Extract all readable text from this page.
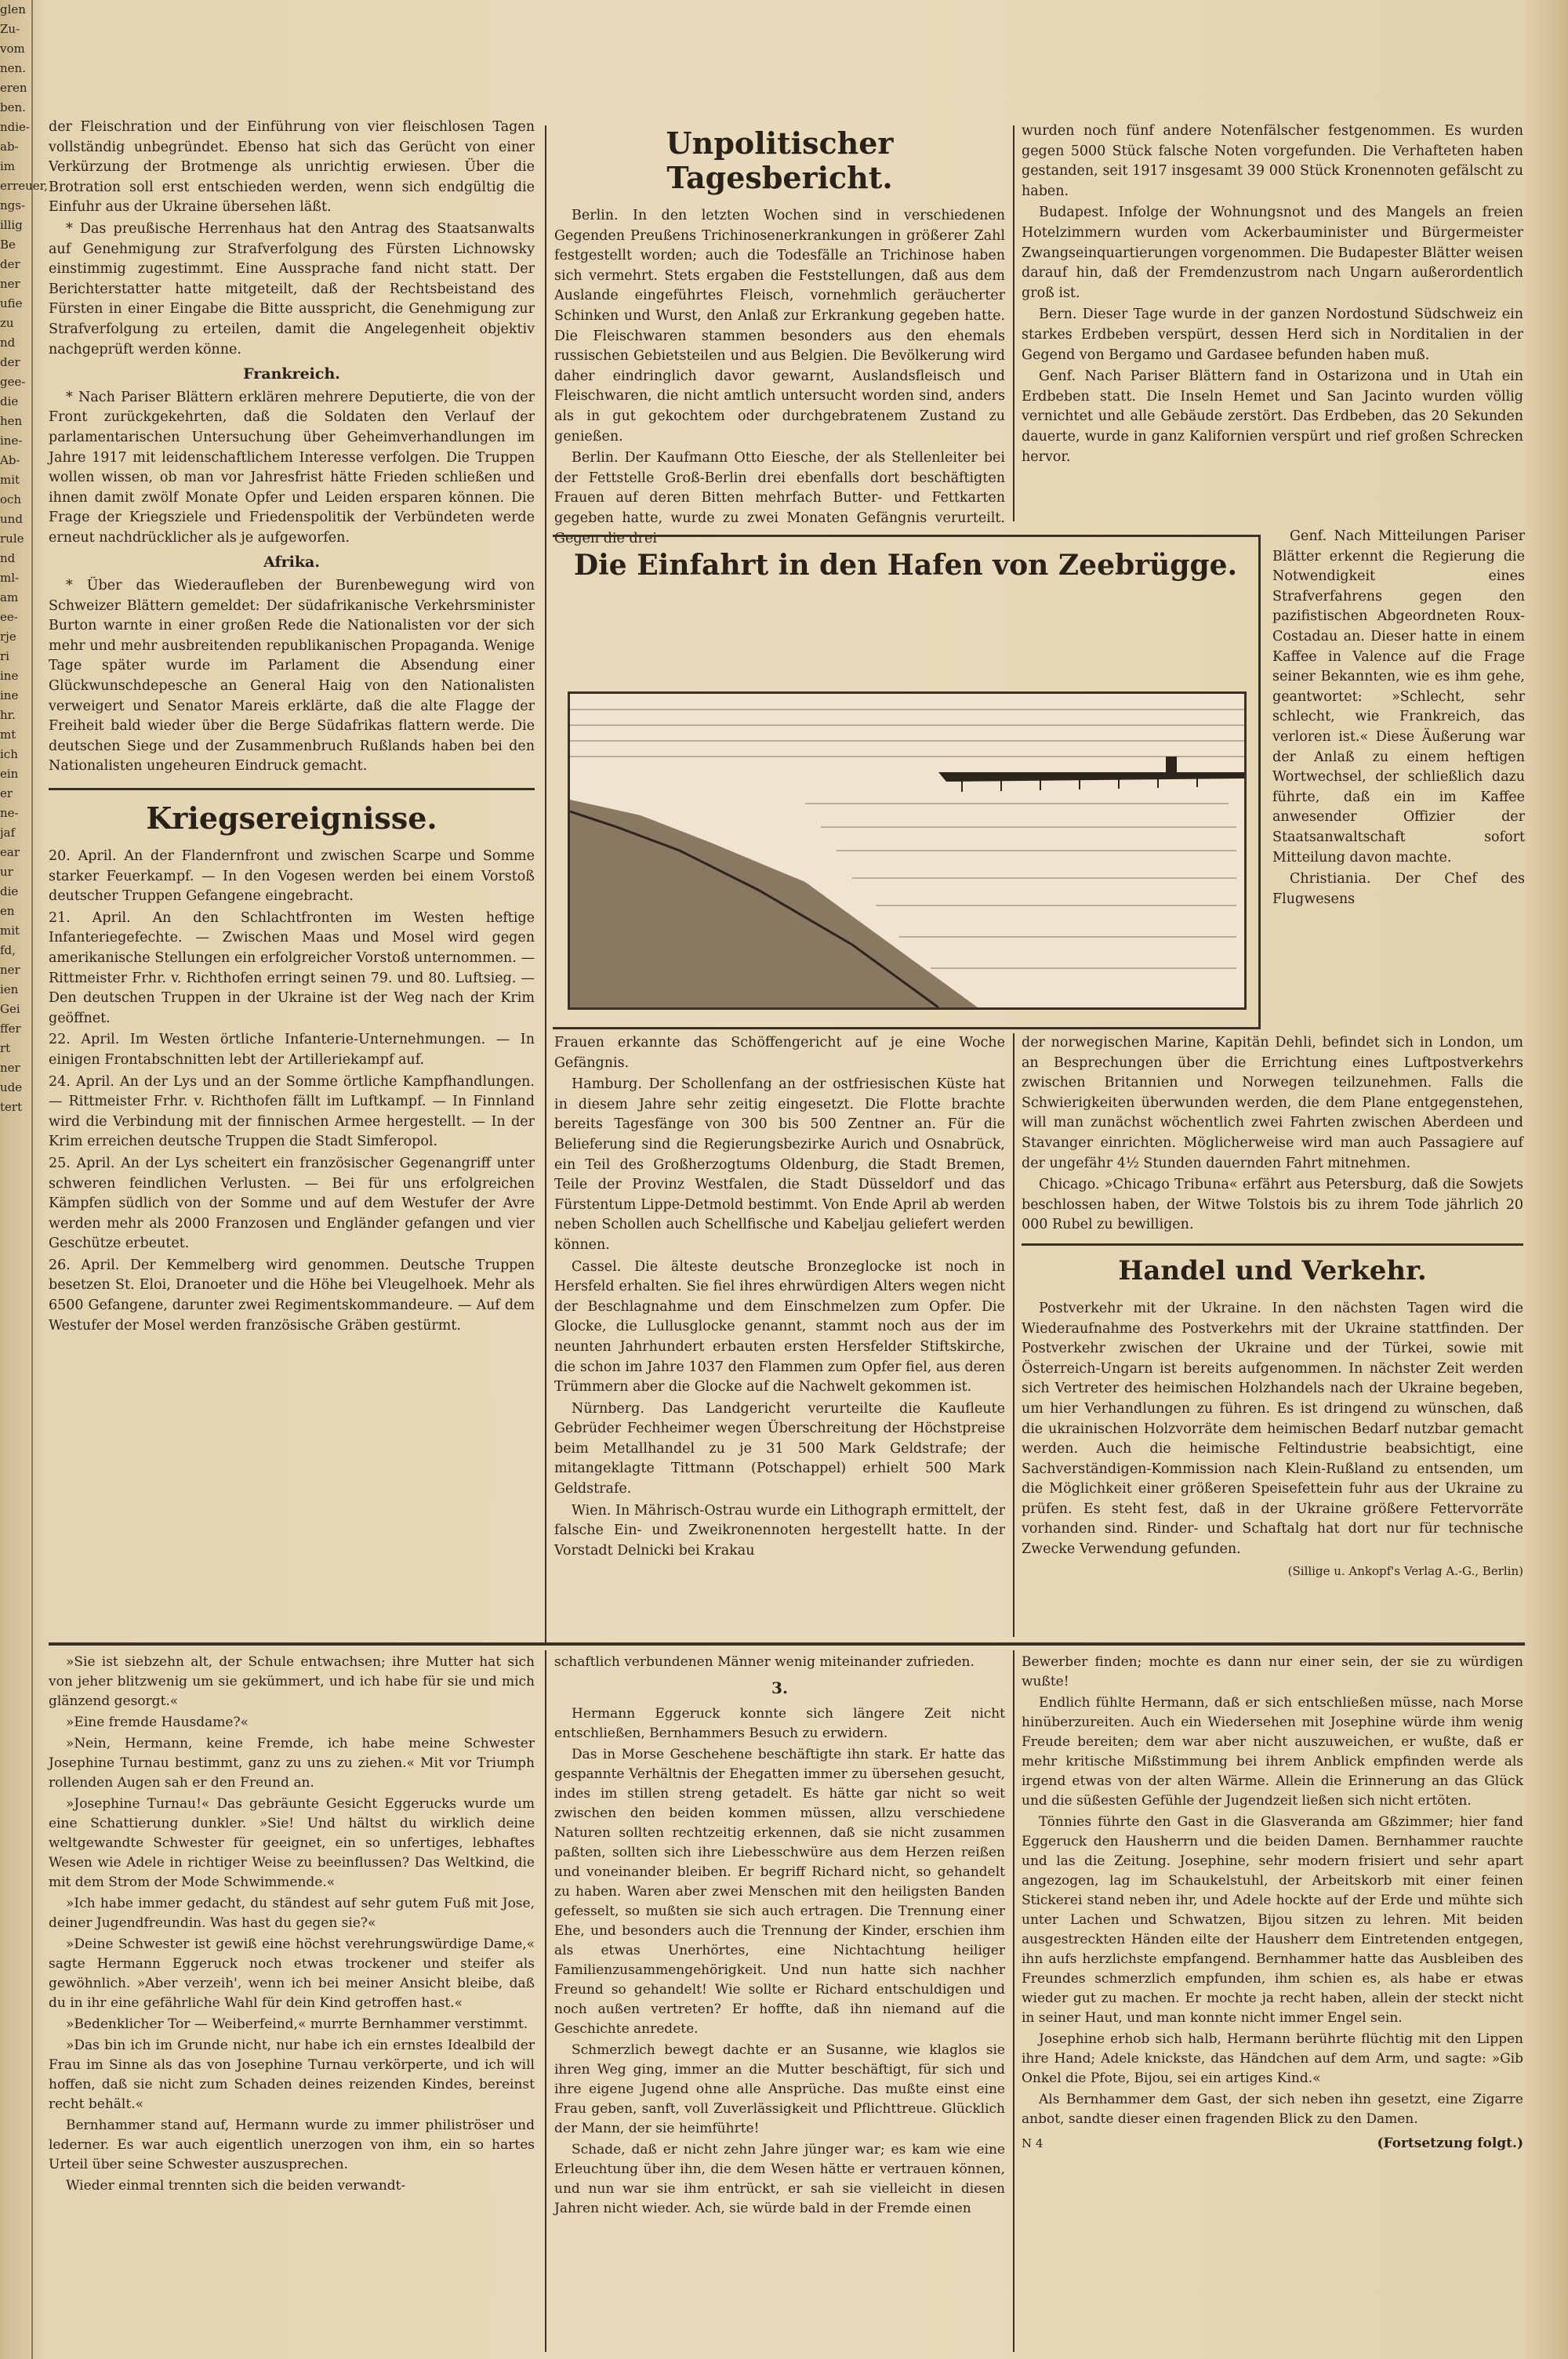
glen
Zu-
vom
nen.
eren
ben.
ndie-
ab-
im
erreuer,
ngs-
illig
Be
der
ner
ufie
zu
nd
der
gee-
die
hen
ine-
Ab-
mit
och
und
rule
nd
ml-
am
ee-
rje
ri
ine
ine
hr.
mt
ich
ein
er
ne-
jaf
ear
ur
die
en
mit
fd,
ner
ien
Gei
ffer
rt
ner
ude
tert

der Fleischration und der Einführung von vier fleischlosen Tagen vollständig unbegründet. Ebenso hat sich das Gerücht von einer Verkürzung der Brotmenge als unrichtig erwiesen. Über die Brotration soll erst entschieden werden, wenn sich endgültig die Einfuhr aus der Ukraine übersehen läßt.

* Das preußische Herrenhaus hat den Antrag des Staatsanwalts auf Genehmigung zur Strafverfolgung des Fürsten Lichnowsky einstimmig zugestimmt. Eine Aussprache fand nicht statt. Der Berichterstatter hatte mitgeteilt, daß der Rechtsbeistand des Fürsten in einer Eingabe die Bitte ausspricht, die Genehmigung zur Strafverfolgung zu erteilen, damit die Angelegenheit objektiv nachgeprüft werden könne.

Frankreich.

* Nach Pariser Blättern erklären mehrere Deputierte, die von der Front zurückgekehrten, daß die Soldaten den Verlauf der parlamentarischen Untersuchung über Geheimverhandlungen im Jahre 1917 mit leidenschaftlichem Interesse verfolgen. Die Truppen wollen wissen, ob man vor Jahresfrist hätte Frieden schließen und ihnen damit zwölf Monate Opfer und Leiden ersparen können. Die Frage der Kriegsziele und Friedenspolitik der Verbündeten werde erneut nachdrücklicher als je aufgeworfen.

Afrika.

* Über das Wiederaufleben der Burenbewegung wird von Schweizer Blättern gemeldet: Der südafrikanische Verkehrsminister Burton warnte in einer großen Rede die Nationalisten vor der sich mehr und mehr ausbreitenden republikanischen Propaganda. Wenige Tage später wurde im Parlament die Absendung einer Glückwunschdepesche an General Haig von den Nationalisten verweigert und Senator Mareis erklärte, daß die alte Flagge der Freiheit bald wieder über die Berge Südafrikas flattern werde. Die deutschen Siege und der Zusammenbruch Rußlands haben bei den Nationalisten ungeheuren Eindruck gemacht.

Kriegsereignisse.

20. April. An der Flandernfront und zwischen Scarpe und Somme starker Feuerkampf. — In den Vogesen werden bei einem Vorstoß deutscher Truppen Gefangene eingebracht.

21. April. An den Schlachtfronten im Westen heftige Infanteriegefechte. — Zwischen Maas und Mosel wird gegen amerikanische Stellungen ein erfolgreicher Vorstoß unternommen. — Rittmeister Frhr. v. Richthofen erringt seinen 79. und 80. Luftsieg. — Den deutschen Truppen in der Ukraine ist der Weg nach der Krim geöffnet.

22. April. Im Westen örtliche Infanterie-Unternehmungen. — In einigen Frontabschnitten lebt der Artilleriekampf auf.

24. April. An der Lys und an der Somme örtliche Kampfhandlungen. — Rittmeister Frhr. v. Richthofen fällt im Luftkampf. — In Finnland wird die Verbindung mit der finnischen Armee hergestellt. — In der Krim erreichen deutsche Truppen die Stadt Simferopol.

25. April. An der Lys scheitert ein französischer Gegenangriff unter schweren feindlichen Verlusten. — Bei für uns erfolgreichen Kämpfen südlich von der Somme und auf dem Westufer der Avre werden mehr als 2000 Franzosen und Engländer gefangen und vier Geschütze erbeutet.

26. April. Der Kemmelberg wird genommen. Deutsche Truppen besetzen St. Eloi, Dranoeter und die Höhe bei Vleugelhoek. Mehr als 6500 Gefangene, darunter zwei Regimentskommandeure. — Auf dem Westufer der Mosel werden französische Gräben gestürmt.

Unpolitischer Tagesbericht.

Berlin. In den letzten Wochen sind in verschiedenen Gegenden Preußens Trichinosenerkrankungen in größerer Zahl festgestellt worden; auch die Todesfälle an Trichinose haben sich vermehrt. Stets ergaben die Feststellungen, daß aus dem Auslande eingeführtes Fleisch, vornehmlich geräucherter Schinken und Wurst, den Anlaß zur Erkrankung gegeben hatte. Die Fleischwaren stammen besonders aus den ehemals russischen Gebietsteilen und aus Belgien. Die Bevölkerung wird daher eindringlich davor gewarnt, Auslandsfleisch und Fleischwaren, die nicht amtlich untersucht worden sind, anders als in gut gekochtem oder durchgebratenem Zustand zu genießen.

Berlin. Der Kaufmann Otto Eiesche, der als Stellenleiter bei der Fettstelle Groß-Berlin drei ebenfalls dort beschäftigten Frauen auf deren Bitten mehrfach Butter- und Fettkarten gegeben hatte, wurde zu zwei Monaten Gefängnis verurteilt. Gegen die drei

wurden noch fünf andere Notenfälscher festgenommen. Es wurden gegen 5000 Stück falsche Noten vorgefunden. Die Verhafteten haben gestanden, seit 1917 insgesamt 39 000 Stück Kronennoten gefälscht zu haben.

Budapest. Infolge der Wohnungsnot und des Mangels an freien Hotelzimmern wurden vom Ackerbauminister und Bürgermeister Zwangseinquartierungen vorgenommen. Die Budapester Blätter weisen darauf hin, daß der Fremdenzustrom nach Ungarn außerordentlich groß ist.

Bern. Dieser Tage wurde in der ganzen Nordostund Südschweiz ein starkes Erdbeben verspürt, dessen Herd sich in Norditalien in der Gegend von Bergamo und Gardasee befunden haben muß.

Genf. Nach Pariser Blättern fand in Ostarizona und in Utah ein Erdbeben statt. Die Inseln Hemet und San Jacinto wurden völlig vernichtet und alle Gebäude zerstört. Das Erdbeben, das 20 Sekunden dauerte, wurde in ganz Kalifornien verspürt und rief großen Schrecken hervor.

Die Einfahrt in den Hafen von Zeebrügge.

Genf. Nach Mitteilungen Pariser Blätter erkennt die Regierung die Notwendigkeit eines Strafverfahrens gegen den pazifistischen Abgeordneten Roux-Costadau an. Dieser hatte in einem Kaffee in Valence auf die Frage seiner Bekannten, wie es ihm gehe, geantwortet: »Schlecht, sehr schlecht, wie Frankreich, das verloren ist.« Diese Äußerung war der Anlaß zu einem heftigen Wortwechsel, der schließlich dazu führte, daß ein im Kaffee anwesender Offizier der Staatsanwaltschaft sofort Mitteilung davon machte.

Christiania. Der Chef des Flugwesens

Frauen erkannte das Schöffengericht auf je eine Woche Gefängnis.

Hamburg. Der Schollenfang an der ostfriesischen Küste hat in diesem Jahre sehr zeitig eingesetzt. Die Flotte brachte bereits Tagesfänge von 300 bis 500 Zentner an. Für die Belieferung sind die Regierungsbezirke Aurich und Osnabrück, ein Teil des Großherzogtums Oldenburg, die Stadt Bremen, Teile der Provinz Westfalen, die Stadt Düsseldorf und das Fürstentum Lippe-Detmold bestimmt. Von Ende April ab werden neben Schollen auch Schellfische und Kabeljau geliefert werden können.

Cassel. Die älteste deutsche Bronzeglocke ist noch in Hersfeld erhalten. Sie fiel ihres ehrwürdigen Alters wegen nicht der Beschlagnahme und dem Einschmelzen zum Opfer. Die Glocke, die Lullusglocke genannt, stammt noch aus der im neunten Jahrhundert erbauten ersten Hersfelder Stiftskirche, die schon im Jahre 1037 den Flammen zum Opfer fiel, aus deren Trümmern aber die Glocke auf die Nachwelt gekommen ist.

Nürnberg. Das Landgericht verurteilte die Kaufleute Gebrüder Fechheimer wegen Überschreitung der Höchstpreise beim Metallhandel zu je 31 500 Mark Geldstrafe; der mitangeklagte Tittmann (Potschappel) erhielt 500 Mark Geldstrafe.

Wien. In Mährisch-Ostrau wurde ein Lithograph ermittelt, der falsche Ein- und Zweikronennoten hergestellt hatte. In der Vorstadt Delnicki bei Krakau

der norwegischen Marine, Kapitän Dehli, befindet sich in London, um an Besprechungen über die Errichtung eines Luftpostverkehrs zwischen Britannien und Norwegen teilzunehmen. Falls die Schwierigkeiten überwunden werden, die dem Plane entgegenstehen, will man zunächst wöchentlich zwei Fahrten zwischen Aberdeen und Stavanger einrichten. Möglicherweise wird man auch Passagiere auf der ungefähr 4½ Stunden dauernden Fahrt mitnehmen.

Chicago. »Chicago Tribuna« erfährt aus Petersburg, daß die Sowjets beschlossen haben, der Witwe Tolstois bis zu ihrem Tode jährlich 20 000 Rubel zu bewilligen.

Handel und Verkehr.

Postverkehr mit der Ukraine. In den nächsten Tagen wird die Wiederaufnahme des Postverkehrs mit der Ukraine stattfinden. Der Postverkehr zwischen der Ukraine und der Türkei, sowie mit Österreich-Ungarn ist bereits aufgenommen. In nächster Zeit werden sich Vertreter des heimischen Holzhandels nach der Ukraine begeben, um hier Verhandlungen zu führen. Es ist dringend zu wünschen, daß die ukrainischen Holzvorräte dem heimischen Bedarf nutzbar gemacht werden. Auch die heimische Feltindustrie beabsichtigt, eine Sachverständigen-Kommission nach Klein-Rußland zu entsenden, um die Möglichkeit einer größeren Speisefettein fuhr aus der Ukraine zu prüfen. Es steht fest, daß in der Ukraine größere Fettervorräte vorhanden sind. Rinder- und Schaftalg hat dort nur für technische Zwecke Verwendung gefunden.

(Sillige u. Ankopf's Verlag A.-G., Berlin)

»Sie ist siebzehn alt, der Schule entwachsen; ihre Mutter hat sich von jeher blitzwenig um sie gekümmert, und ich habe für sie und mich glänzend gesorgt.«

»Eine fremde Hausdame?«

»Nein, Hermann, keine Fremde, ich habe meine Schwester Josephine Turnau bestimmt, ganz zu uns zu ziehen.« Mit vor Triumph rollenden Augen sah er den Freund an.

»Josephine Turnau!« Das gebräunte Gesicht Eggerucks wurde um eine Schattierung dunkler. »Sie! Und hältst du wirklich deine weltgewandte Schwester für geeignet, ein so unfertiges, lebhaftes Wesen wie Adele in richtiger Weise zu beeinflussen? Das Weltkind, die mit dem Strom der Mode Schwimmende.«

»Ich habe immer gedacht, du ständest auf sehr gutem Fuß mit Jose, deiner Jugendfreundin. Was hast du gegen sie?«

»Deine Schwester ist gewiß eine höchst verehrungswürdige Dame,« sagte Hermann Eggeruck noch etwas trockener und steifer als gewöhnlich. »Aber verzeih', wenn ich bei meiner Ansicht bleibe, daß du in ihr eine gefährliche Wahl für dein Kind getroffen hast.«

»Bedenklicher Tor — Weiberfeind,« murrte Bernhammer verstimmt.

»Das bin ich im Grunde nicht, nur habe ich ein ernstes Idealbild der Frau im Sinne als das von Josephine Turnau verkörperte, und ich will hoffen, daß sie nicht zum Schaden deines reizenden Kindes, bereinst recht behält.«

Bernhammer stand auf, Hermann wurde zu immer philiströser und lederner. Es war auch eigentlich unerzogen von ihm, ein so hartes Urteil über seine Schwester auszusprechen.

Wieder einmal trennten sich die beiden verwandt-

schaftlich verbundenen Männer wenig miteinander zufrieden.

3.

Hermann Eggeruck konnte sich längere Zeit nicht entschließen, Bernhammers Besuch zu erwidern.

Das in Morse Geschehene beschäftigte ihn stark. Er hatte das gespannte Verhältnis der Ehegatten immer zu übersehen gesucht, indes im stillen streng getadelt. Es hätte gar nicht so weit zwischen den beiden kommen müssen, allzu verschiedene Naturen sollten rechtzeitig erkennen, daß sie nicht zusammen paßten, sollten sich ihre Liebesschwüre aus dem Herzen reißen und voneinander bleiben. Er begriff Richard nicht, so gehandelt zu haben. Waren aber zwei Menschen mit den heiligsten Banden gefesselt, so mußten sie sich auch ertragen. Die Trennung einer Ehe, und besonders auch die Trennung der Kinder, erschien ihm als etwas Unerhörtes, eine Nichtachtung heiliger Familienzusammengehörigkeit. Und nun hatte sich nachher Freund so gehandelt! Wie sollte er Richard entschuldigen und noch außen vertreten? Er hoffte, daß ihn niemand auf die Geschichte anredete.

Schmerzlich bewegt dachte er an Susanne, wie klaglos sie ihren Weg ging, immer an die Mutter beschäftigt, für sich und ihre eigene Jugend ohne alle Ansprüche. Das mußte einst eine Frau geben, sanft, voll Zuverlässigkeit und Pflichttreue. Glücklich der Mann, der sie heimführte!

Schade, daß er nicht zehn Jahre jünger war; es kam wie eine Erleuchtung über ihn, die dem Wesen hätte er vertrauen können, und nun war sie ihm entrückt, er sah sie vielleicht in diesen Jahren nicht wieder. Ach, sie würde bald in der Fremde einen

Bewerber finden; mochte es dann nur einer sein, der sie zu würdigen wußte!

Endlich fühlte Hermann, daß er sich entschließen müsse, nach Morse hinüberzureiten. Auch ein Wiedersehen mit Josephine würde ihm wenig Freude bereiten; dem war aber nicht auszuweichen, er wußte, daß er mehr kritische Mißstimmung bei ihrem Anblick empfinden werde als irgend etwas von der alten Wärme. Allein die Erinnerung an das Glück und die süßesten Gefühle der Jugendzeit ließen sich nicht ertöten.

Tönnies führte den Gast in die Glasveranda am Gßzimmer; hier fand Eggeruck den Hausherrn und die beiden Damen. Bernhammer rauchte und las die Zeitung. Josephine, sehr modern frisiert und sehr apart angezogen, lag im Schaukelstuhl, der Arbeitskorb mit einer feinen Stickerei stand neben ihr, und Adele hockte auf der Erde und mühte sich unter Lachen und Schwatzen, Bijou sitzen zu lehren. Mit beiden ausgestreckten Händen eilte der Hausherr dem Eintretenden entgegen, ihn aufs herzlichste empfangend. Bernhammer hatte das Ausbleiben des Freundes schmerzlich empfunden, ihm schien es, als habe er etwas wieder gut zu machen. Er mochte ja recht haben, allein der steckt nicht in seiner Haut, und man konnte nicht immer Engel sein.

Josephine erhob sich halb, Hermann berührte flüchtig mit den Lippen ihre Hand; Adele knickste, das Händchen auf dem Arm, und sagte: »Gib Onkel die Pfote, Bijou, sei ein artiges Kind.«

Als Bernhammer dem Gast, der sich neben ihn gesetzt, eine Zigarre anbot, sandte dieser einen fragenden Blick zu den Damen.

N 4	(Fortsetzung folgt.)
